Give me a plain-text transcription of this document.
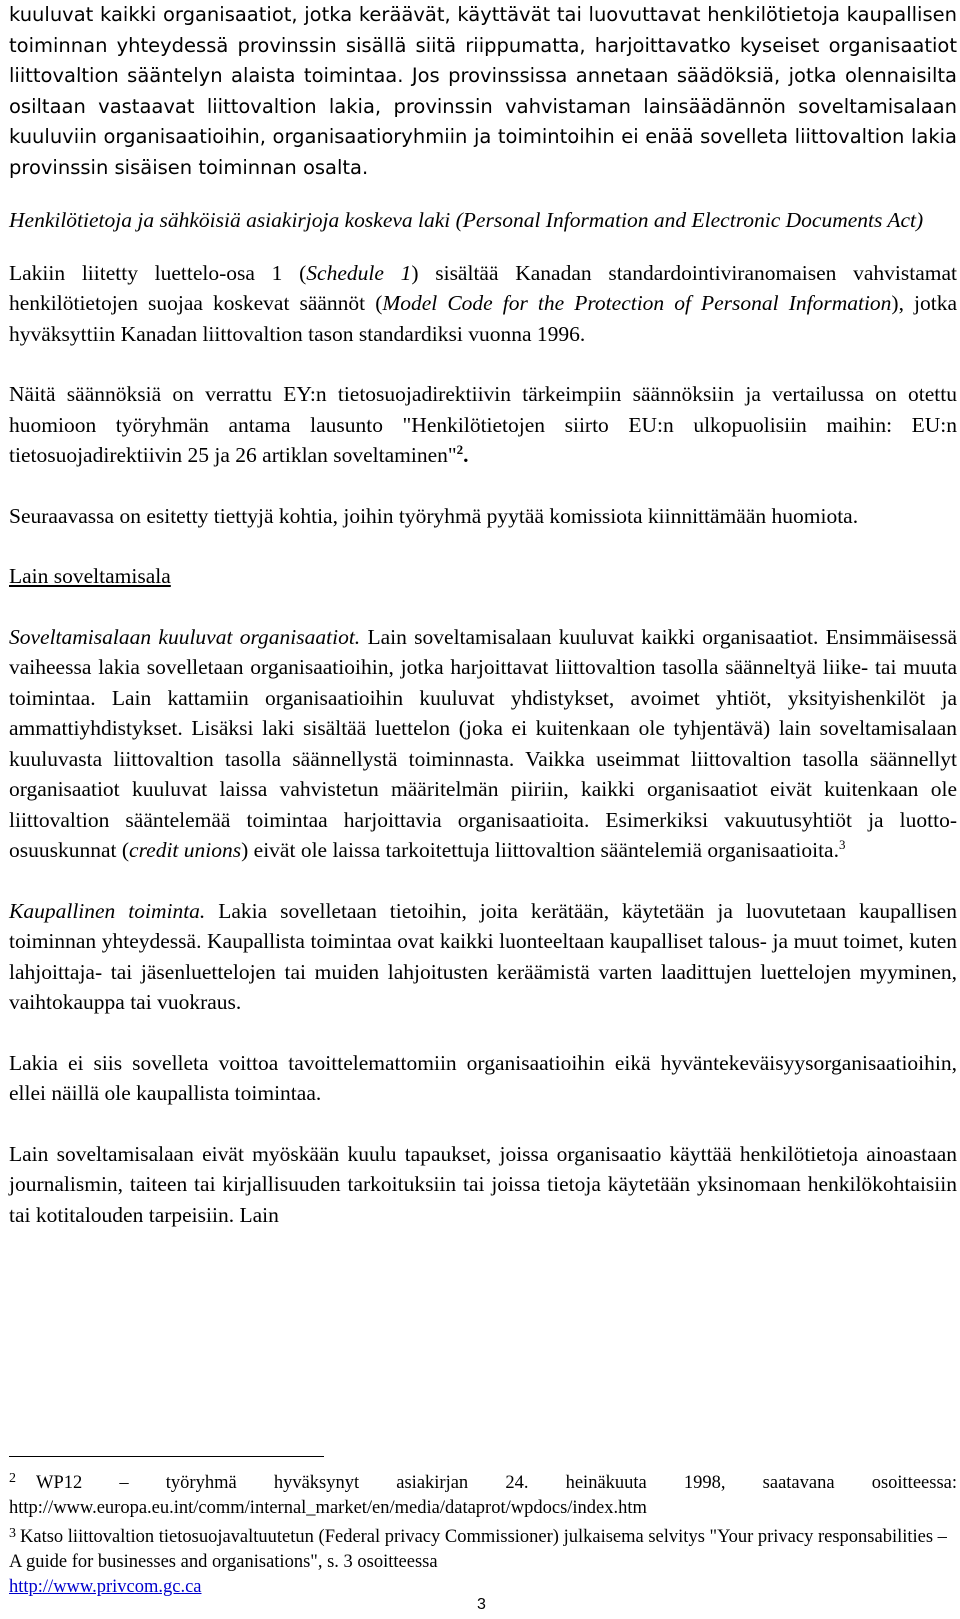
kuuluvat kaikki organisaatiot, jotka keräävät, käyttävät tai luovuttavat henkilötietoja kaupallisen toiminnan yhteydessä provinssin sisällä siitä riippumatta, harjoittavatko kyseiset organisaatiot liittovaltion sääntelyn alaista toimintaa. Jos provinssissa annetaan säädöksiä, jotka olennaisilta osiltaan vastaavat liittovaltion lakia, provinssin vahvistaman lainsäädännön soveltamisalaan kuuluviin organisaatioihin, organisaatioryhmiin ja toimintoihin ei enää sovelleta liittovaltion lakia provinssin sisäisen toiminnan osalta.

Henkilötietoja ja sähköisiä asiakirjoja koskeva laki (Personal Information and Electronic Documents Act)

Lakiin liitetty luettelo-osa 1 (Schedule 1) sisältää Kanadan standardointiviranomaisen vahvistamat henkilötietojen suojaa koskevat säännöt (Model Code for the Protection of Personal Information), jotka hyväksyttiin Kanadan liittovaltion tason standardiksi vuonna 1996.

Näitä säännöksiä on verrattu EY:n tietosuojadirektiivin tärkeimpiin säännöksiin ja vertailussa on otettu huomioon työryhmän antama lausunto "Henkilötietojen siirto EU:n ulkopuolisiin maihin: EU:n tietosuojadirektiivin 25 ja 26 artiklan soveltaminen"$^2$.

Seuraavassa on esitetty tiettyjä kohtia, joihin työryhmä pyytää komissiota kiinnittämään huomiota.

Lain soveltamisala

Soveltamisalaan kuuluvat organisaatiot. Lain soveltamisalaan kuuluvat kaikki organisaatiot. Ensimmäisessä vaiheessa lakia sovelletaan organisaatioihin, jotka harjoittavat liittovaltion tasolla säänneltyä liike- tai muuta toimintaa. Lain kattamiin organisaatioihin kuuluvat yhdistykset, avoimet yhtiöt, yksityishenkilöt ja ammattiyhdistykset. Lisäksi laki sisältää luettelon (joka ei kuitenkaan ole tyhjentävä) lain soveltamisalaan kuuluvasta liittovaltion tasolla säännellystä toiminnasta. Vaikka useimmat liittovaltion tasolla säännellyt organisaatiot kuuluvat laissa vahvistetun määritelmän piiriin, kaikki organisaatiot eivät kuitenkaan ole liittovaltion sääntelemää toimintaa harjoittavia organisaatioita. Esimerkiksi vakuutusyhtiöt ja luotto-osuuskunnat (credit unions) eivät ole laissa tarkoitettuja liittovaltion sääntelemiä organisaatioita.$^3$

Kaupallinen toiminta. Lakia sovelletaan tietoihin, joita kerätään, käytetään ja luovutetaan kaupallisen toiminnan yhteydessä. Kaupallista toimintaa ovat kaikki luonteeltaan kaupalliset talous- ja muut toimet, kuten lahjoittaja- tai jäsenluettelojen tai muiden lahjoitusten keräämistä varten laadittujen luettelojen myyminen, vaihtokauppa tai vuokraus.

Lakia ei siis sovelleta voittoa tavoittelemattomiin organisaatioihin eikä hyväntekeväisyysorganisaatioihin, ellei näillä ole kaupallista toimintaa.

Lain soveltamisalaan eivät myöskään kuulu tapaukset, joissa organisaatio käyttää henkilötietoja ainoastaan journalismin, taiteen tai kirjallisuuden tarkoituksiin tai joissa tietoja käytetään yksinomaan henkilökohtaisiin tai kotitalouden tarpeisiin. Lain

$^2$ WP12 – työryhmä hyväksynyt asiakirjan 24. heinäkuuta 1998, saatavana osoitteessa: http://www.europa.eu.int/comm/internal_market/en/media/dataprot/wpdocs/index.htm

$^3$ Katso liittovaltion tietosuojavaltuutetun (Federal privacy Commissioner) julkaisema selvitys "Your privacy responsabilities – A guide for businesses and organisations", s. 3 osoitteessa
http://www.privcom.gc.ca

3
